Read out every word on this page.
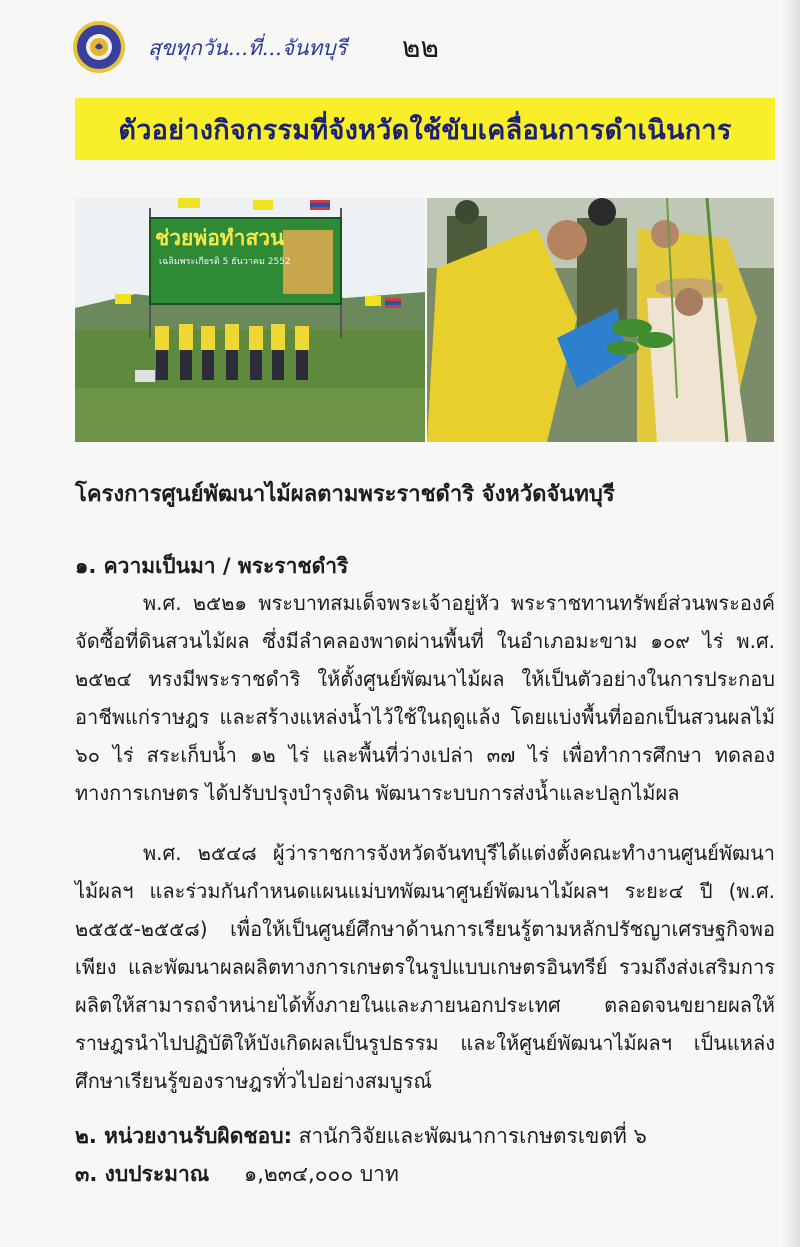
สุขทุกวัน...ที่...จันทบุรี ๒๒
ตัวอย่างกิจกรรมที่จังหวัดใช้ขับเคลื่อนการดำเนินการ
ช่วยพ่อทำสวน
เฉลิมพระเกียรติ 5 ธันวาคม 2552
โครงการศูนย์พัฒนาไม้ผลตามพระราชดำริ จังหวัดจันทบุรี
๑. ความเป็นมา / พระราชดำริ
พ.ศ. ๒๕๒๑ พระบาทสมเด็จพระเจ้าอยู่หัว พระราชทานทรัพย์ส่วนพระองค์จัดซื้อที่ดินสวนไม้ผล ซึ่งมีลำคลองพาดผ่านพื้นที่ ในอำเภอมะขาม ๑๐๙ ไร่ พ.ศ. ๒๕๒๔ ทรงมีพระราชดำริ ให้ตั้งศูนย์พัฒนาไม้ผล ให้เป็นตัวอย่างในการประกอบอาชีพแก่ราษฎร และสร้างแหล่งน้ำไว้ใช้ในฤดูแล้ง โดยแบ่งพื้นที่ออกเป็นสวนผลไม้ ๖๐ ไร่ สระเก็บน้ำ ๑๒ ไร่ และพื้นที่ว่างเปล่า ๓๗ ไร่ เพื่อทำการศึกษา ทดลองทางการเกษตร ได้ปรับปรุงบำรุงดิน พัฒนาระบบการส่งน้ำและปลูกไม้ผล
พ.ศ. ๒๕๔๘ ผู้ว่าราชการจังหวัดจันทบุรีได้แต่งตั้งคณะทำงานศูนย์พัฒนาไม้ผลฯ และร่วมกันกำหนดแผนแม่บทพัฒนาศูนย์พัฒนาไม้ผลฯ ระยะ๔ ปี (พ.ศ. ๒๕๕๕-๒๕๕๘) เพื่อให้เป็นศูนย์ศึกษาด้านการเรียนรู้ตามหลักปรัชญาเศรษฐกิจพอเพียง และพัฒนาผลผลิตทางการเกษตรในรูปแบบเกษตรอินทรีย์ รวมถึงส่งเสริมการผลิตให้สามารถจำหน่ายได้ทั้งภายในและภายนอกประเทศ ตลอดจนขยายผลให้ราษฎรนำไปปฏิบัติให้บังเกิดผลเป็นรูปธรรม และให้ศูนย์พัฒนาไม้ผลฯ เป็นแหล่งศึกษาเรียนรู้ของราษฎรทั่วไปอย่างสมบูรณ์
๒. หน่วยงานรับผิดชอบ: สานักวิจัยและพัฒนาการเกษตรเขตที่ ๖
๓. งบประมาณ ๑,๒๓๔,๐๐๐ บาท
